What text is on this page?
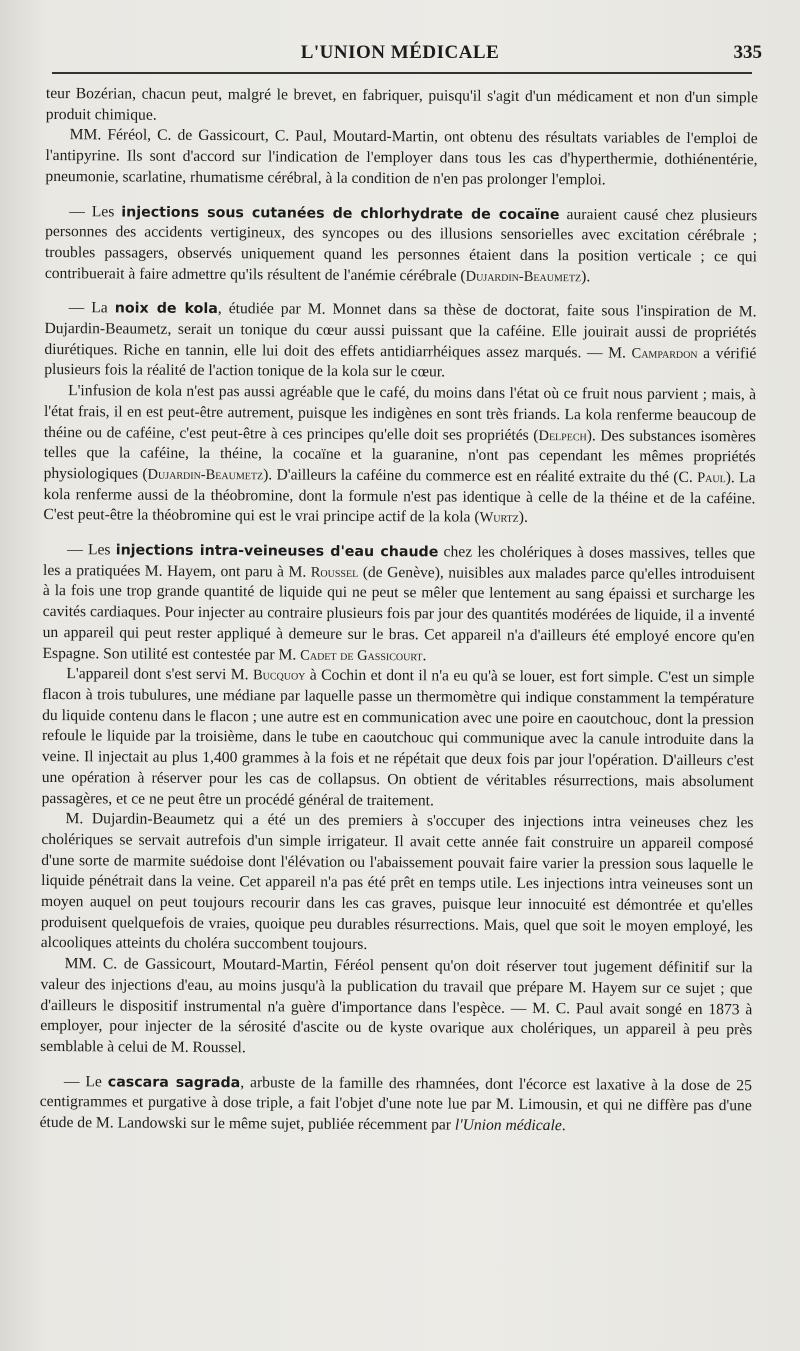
L'UNION MÉDICALE	335

teur Bozérian, chacun peut, malgré le brevet, en fabriquer, puisqu'il s'agit d'un médicament et non d'un simple produit chimique.

MM. Féréol, C. de Gassicourt, C. Paul, Moutard-Martin, ont obtenu des résultats variables de l'emploi de l'antipyrine. Ils sont d'accord sur l'indication de l'employer dans tous les cas d'hyperthermie, dothiénentérie, pneumonie, scarlatine, rhumatisme cérébral, à la condition de n'en pas prolonger l'emploi.

— Les injections sous cutanées de chlorhydrate de cocaïne auraient causé chez plusieurs personnes des accidents vertigineux, des syncopes ou des illusions sensorielles avec excitation cérébrale ; troubles passagers, observés uniquement quand les personnes étaient dans la position verticale ; ce qui contribuerait à faire admettre qu'ils résultent de l'anémie cérébrale (Dujardin-Beaumetz).

— La noix de kola, étudiée par M. Monnet dans sa thèse de doctorat, faite sous l'inspiration de M. Dujardin-Beaumetz, serait un tonique du cœur aussi puissant que la caféine. Elle jouirait aussi de propriétés diurétiques. Riche en tannin, elle lui doit des effets antidiarrhéiques assez marqués. — M. Campardon a vérifié plusieurs fois la réalité de l'action tonique de la kola sur le cœur.

L'infusion de kola n'est pas aussi agréable que le café, du moins dans l'état où ce fruit nous parvient ; mais, à l'état frais, il en est peut-être autrement, puisque les indigènes en sont très friands. La kola renferme beaucoup de théine ou de caféine, c'est peut-être à ces principes qu'elle doit ses propriétés (Delpech). Des substances isomères telles que la caféine, la théine, la cocaïne et la guaranine, n'ont pas cependant les mêmes propriétés physiologiques (Dujardin-Beaumetz). D'ailleurs la caféine du commerce est en réalité extraite du thé (C. Paul). La kola renferme aussi de la théobromine, dont la formule n'est pas identique à celle de la théine et de la caféine. C'est peut-être la théobromine qui est le vrai principe actif de la kola (Wurtz).

— Les injections intra-veineuses d'eau chaude chez les cholériques à doses massives, telles que les a pratiquées M. Hayem, ont paru à M. Roussel (de Genève), nuisibles aux malades parce qu'elles introduisent à la fois une trop grande quantité de liquide qui ne peut se mêler que lentement au sang épaissi et surcharge les cavités cardiaques. Pour injecter au contraire plusieurs fois par jour des quantités modérées de liquide, il a inventé un appareil qui peut rester appliqué à demeure sur le bras. Cet appareil n'a d'ailleurs été employé encore qu'en Espagne. Son utilité est contestée par M. Cadet de Gassicourt.

L'appareil dont s'est servi M. Bucquoy à Cochin et dont il n'a eu qu'à se louer, est fort simple. C'est un simple flacon à trois tubulures, une médiane par laquelle passe un thermomètre qui indique constamment la température du liquide contenu dans le flacon ; une autre est en communication avec une poire en caoutchouc, dont la pression refoule le liquide par la troisième, dans le tube en caoutchouc qui communique avec la canule introduite dans la veine. Il injectait au plus 1,400 grammes à la fois et ne répétait que deux fois par jour l'opération. D'ailleurs c'est une opération à réserver pour les cas de collapsus. On obtient de véritables résurrections, mais absolument passagères, et ce ne peut être un procédé général de traitement.

M. Dujardin-Beaumetz qui a été un des premiers à s'occuper des injections intra veineuses chez les cholériques se servait autrefois d'un simple irrigateur. Il avait cette année fait construire un appareil composé d'une sorte de marmite suédoise dont l'élévation ou l'abaissement pouvait faire varier la pression sous laquelle le liquide pénétrait dans la veine. Cet appareil n'a pas été prêt en temps utile. Les injections intra veineuses sont un moyen auquel on peut toujours recourir dans les cas graves, puisque leur innocuité est démontrée et qu'elles produisent quelquefois de vraies, quoique peu durables résurrections. Mais, quel que soit le moyen employé, les alcooliques atteints du choléra succombent toujours.

MM. C. de Gassicourt, Moutard-Martin, Féréol pensent qu'on doit réserver tout jugement définitif sur la valeur des injections d'eau, au moins jusqu'à la publication du travail que prépare M. Hayem sur ce sujet ; que d'ailleurs le dispositif instrumental n'a guère d'importance dans l'espèce. — M. C. Paul avait songé en 1873 à employer, pour injecter de la sérosité d'ascite ou de kyste ovarique aux cholériques, un appareil à peu près semblable à celui de M. Roussel.

— Le cascara sagrada, arbuste de la famille des rhamnées, dont l'écorce est laxative à la dose de 25 centigrammes et purgative à dose triple, a fait l'objet d'une note lue par M. Limousin, et qui ne diffère pas d'une étude de M. Landowski sur le même sujet, publiée récemment par l'Union médicale.
